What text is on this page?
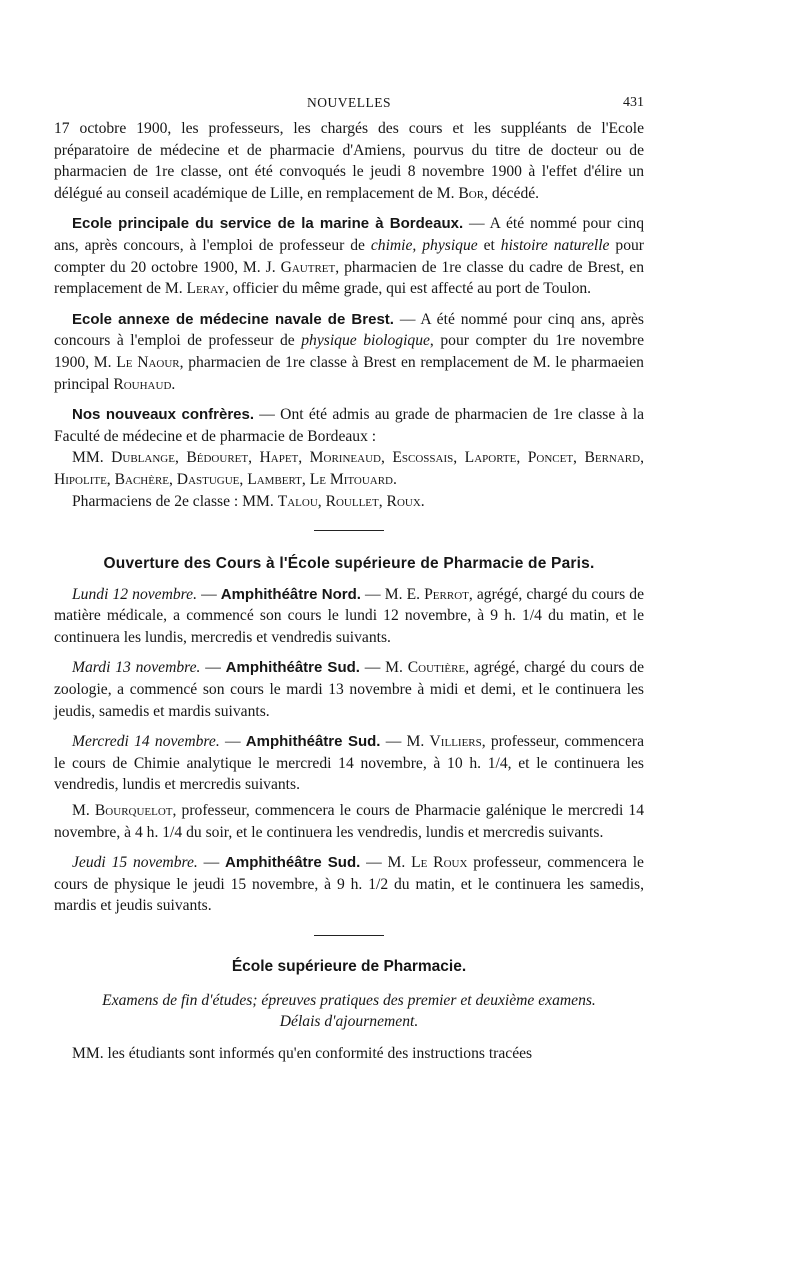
NOUVELLES	431

17 octobre 1900, les professeurs, les chargés des cours et les suppléants de l'Ecole préparatoire de médecine et de pharmacie d'Amiens, pourvus du titre de docteur ou de pharmacien de 1re classe, ont été convoqués le jeudi 8 novembre 1900 à l'effet d'élire un délégué au conseil académique de Lille, en remplacement de M. Bor, décédé.

Ecole principale du service de la marine à Bordeaux. — A été nommé pour cinq ans, après concours, à l'emploi de professeur de chimie, physique et histoire naturelle pour compter du 20 octobre 1900, M. J. Gautret, pharmacien de 1re classe du cadre de Brest, en remplacement de M. Leray, officier du même grade, qui est affecté au port de Toulon.

Ecole annexe de médecine navale de Brest. — A été nommé pour cinq ans, après concours à l'emploi de professeur de physique biologique, pour compter du 1re novembre 1900, M. Le Naour, pharmacien de 1re classe à Brest en remplacement de M. le pharmaeien principal Rouhaud.

Nos nouveaux confrères. — Ont été admis au grade de pharmacien de 1re classe à la Faculté de médecine et de pharmacie de Bordeaux :

MM. Dublange, Bédouret, Hapet, Morineaud, Escossais, Laporte, Poncet, Bernard, Hipolite, Bachère, Dastugue, Lambert, Le Mitouard.

Pharmaciens de 2e classe : MM. Talou, Roullet, Roux.

Ouverture des Cours à l'École supérieure de Pharmacie de Paris.

Lundi 12 novembre. — Amphithéâtre Nord. — M. E. Perrot, agrégé, chargé du cours de matière médicale, a commencé son cours le lundi 12 novembre, à 9 h. 1/4 du matin, et le continuera les lundis, mercredis et vendredis suivants.

Mardi 13 novembre. — Amphithéâtre Sud. — M. Coutière, agrégé, chargé du cours de zoologie, a commencé son cours le mardi 13 novembre à midi et demi, et le continuera les jeudis, samedis et mardis suivants.

Mercredi 14 novembre. — Amphithéâtre Sud. — M. Villiers, professeur, commencera le cours de Chimie analytique le mercredi 14 novembre, à 10 h. 1/4, et le continuera les vendredis, lundis et mercredis suivants.

M. Bourquelot, professeur, commencera le cours de Pharmacie galénique le mercredi 14 novembre, à 4 h. 1/4 du soir, et le continuera les vendredis, lundis et mercredis suivants.

Jeudi 15 novembre. — Amphithéâtre Sud. — M. Le Roux professeur, commencera le cours de physique le jeudi 15 novembre, à 9 h. 1/2 du matin, et le continuera les samedis, mardis et jeudis suivants.

École supérieure de Pharmacie.
Examens de fin d'études; épreuves pratiques des premier et deuxième examens.
Délais d'ajournement.

MM. les étudiants sont informés qu'en conformité des instructions tracées
